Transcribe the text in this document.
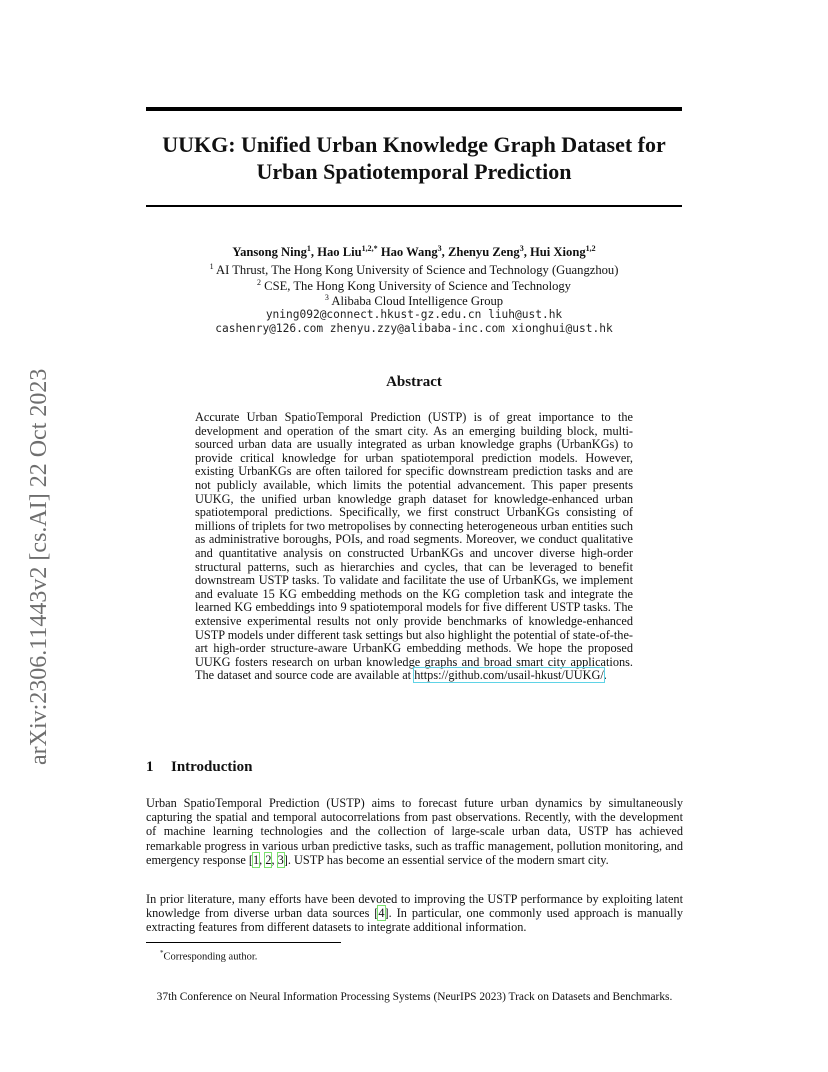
arXiv:2306.11443v2 [cs.AI] 22 Oct 2023
UUKG: Unified Urban Knowledge Graph Dataset for
Urban Spatiotemporal Prediction
Yansong Ning$^1$, Hao Liu$^{1,2,*}$ Hao Wang$^3$, Zhenyu Zeng$^3$, Hui Xiong$^{1,2}$
$^1$ AI Thrust, The Hong Kong University of Science and Technology (Guangzhou)
$^2$ CSE, The Hong Kong University of Science and Technology
$^3$ Alibaba Cloud Intelligence Group
yning092@connect.hkust-gz.edu.cn liuh@ust.hk
cashenry@126.com zhenyu.zzy@alibaba-inc.com xionghui@ust.hk
Abstract

Accurate Urban SpatioTemporal Prediction (USTP) is of great importance to the development and operation of the smart city. As an emerging building block, multi-sourced urban data are usually integrated as urban knowledge graphs (UrbanKGs) to provide critical knowledge for urban spatiotemporal prediction models. However, existing UrbanKGs are often tailored for specific downstream prediction tasks and are not publicly available, which limits the potential advancement. This paper presents UUKG, the unified urban knowledge graph dataset for knowledge-enhanced urban spatiotemporal predictions. Specifically, we first construct UrbanKGs consisting of millions of triplets for two metropolises by connecting heterogeneous urban entities such as administrative boroughs, POIs, and road segments. Moreover, we conduct qualitative and quantitative analysis on constructed UrbanKGs and uncover diverse high-order structural patterns, such as hierarchies and cycles, that can be leveraged to benefit downstream USTP tasks. To validate and facilitate the use of UrbanKGs, we implement and evaluate 15 KG embedding methods on the KG completion task and integrate the learned KG embeddings into 9 spatiotemporal models for five different USTP tasks. The extensive experimental results not only provide benchmarks of knowledge-enhanced USTP models under different task settings but also highlight the potential of state-of-the-art high-order structure-aware UrbanKG embedding methods. We hope the proposed UUKG fosters research on urban knowledge graphs and broad smart city applications. The dataset and source code are available at https://github.com/usail-hkust/UUKG/.

1 Introduction

Urban SpatioTemporal Prediction (USTP) aims to forecast future urban dynamics by simultaneously capturing the spatial and temporal autocorrelations from past observations. Recently, with the development of machine learning technologies and the collection of large-scale urban data, USTP has achieved remarkable progress in various urban predictive tasks, such as traffic management, pollution monitoring, and emergency response [1, 2, 3]. USTP has become an essential service of the modern smart city.

In prior literature, many efforts have been devoted to improving the USTP performance by exploiting latent knowledge from diverse urban data sources [4]. In particular, one commonly used approach is manually extracting features from different datasets to integrate additional information.

*Corresponding author.
37th Conference on Neural Information Processing Systems (NeurIPS 2023) Track on Datasets and Benchmarks.
